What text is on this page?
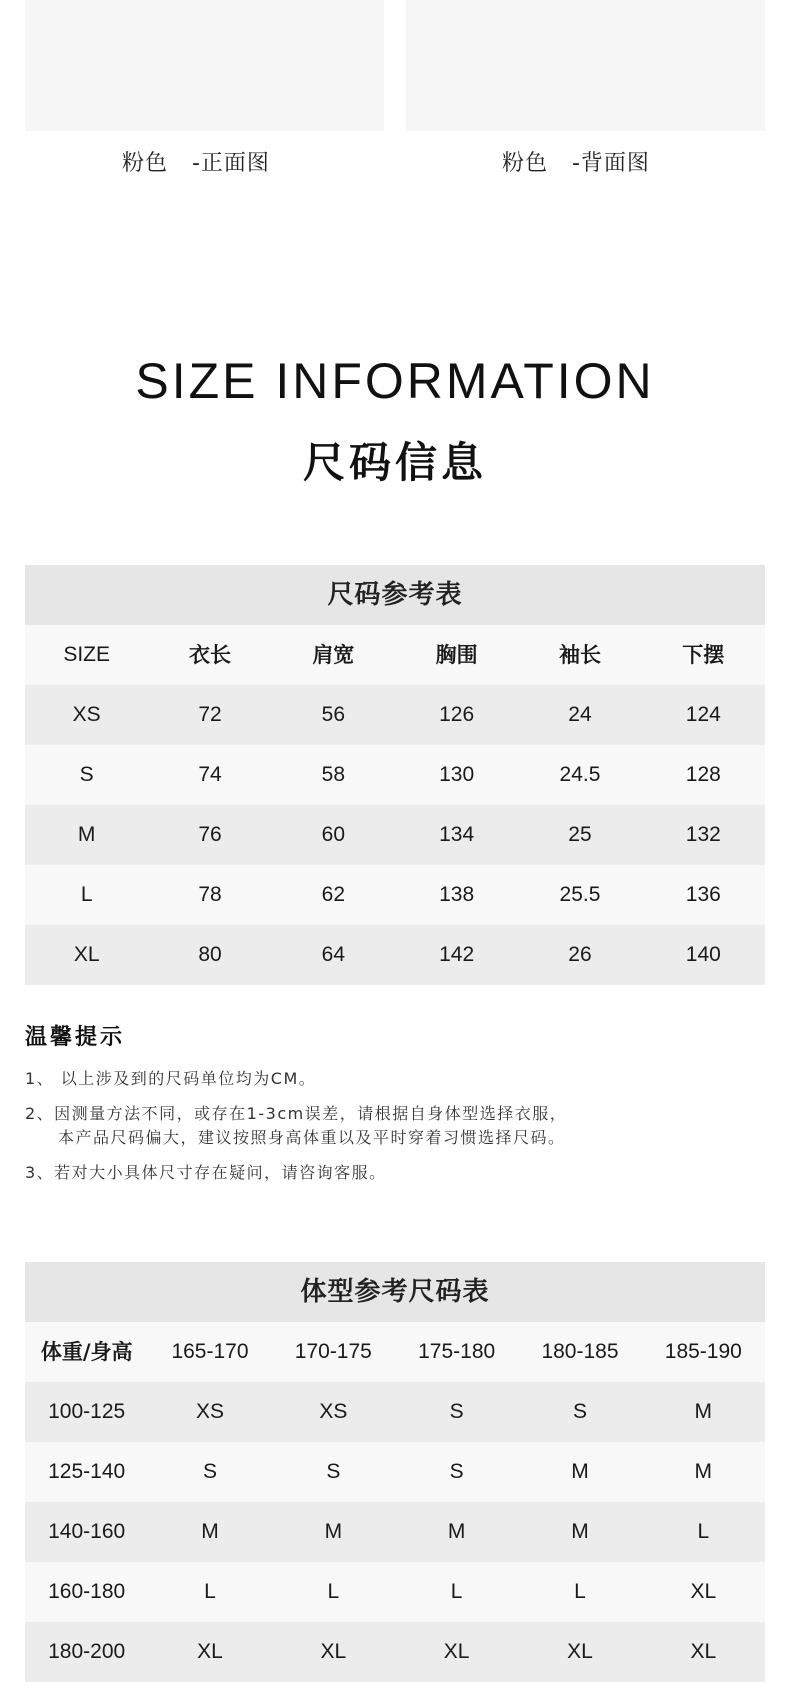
粉色   -正面图	粉色   -背面图
SIZE INFORMATION
尺码信息
尺码参考表
SIZE	衣长	肩宽	胸围	袖长	下摆
XS	72	56	126	24	124
S	74	58	130	24.5	128
M	76	60	134	25	132
L	78	62	138	25.5	136
XL	80	64	142	26	140
温馨提示
1、 以上涉及到的尺码单位均为CM。
2、因测量方法不同，或存在1-3cm误差，请根据自身体型选择衣服，
本产品尺码偏大，建议按照身高体重以及平时穿着习惯选择尺码。
3、若对大小具体尺寸存在疑问，请咨询客服。
体型参考尺码表
体重/身高	165-170	170-175	175-180	180-185	185-190
100-125	XS	XS	S	S	M
125-140	S	S	S	M	M
140-160	M	M	M	M	L
160-180	L	L	L	L	XL
180-200	XL	XL	XL	XL	XL
